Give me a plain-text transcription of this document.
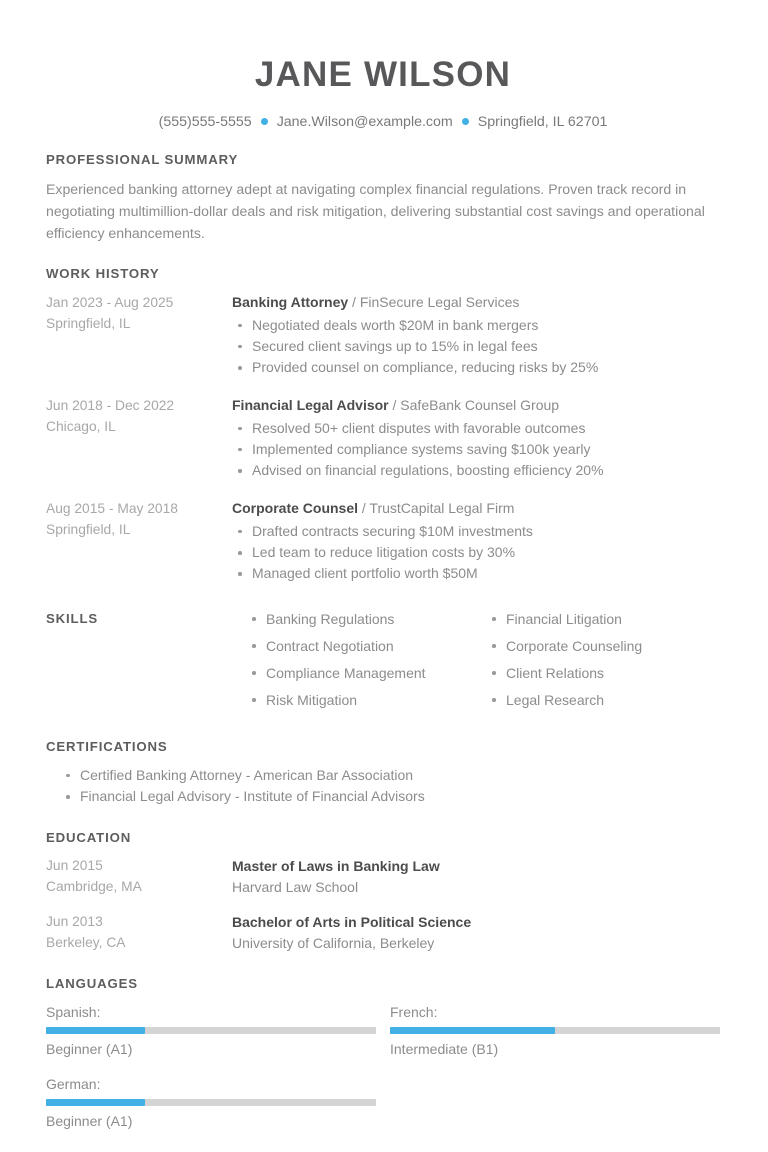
JANE WILSON
(555)555-5555 Jane.Wilson@example.com Springfield, IL 62701
PROFESSIONAL SUMMARY
Experienced banking attorney adept at navigating complex financial regulations. Proven track record in negotiating multimillion-dollar deals and risk mitigation, delivering substantial cost savings and operational efficiency enhancements.
WORK HISTORY
Jan 2023 - Aug 2025
Springfield, IL
Banking Attorney / FinSecure Legal Services
Negotiated deals worth $20M in bank mergers
Secured client savings up to 15% in legal fees
Provided counsel on compliance, reducing risks by 25%
Jun 2018 - Dec 2022
Chicago, IL
Financial Legal Advisor / SafeBank Counsel Group
Resolved 50+ client disputes with favorable outcomes
Implemented compliance systems saving $100k yearly
Advised on financial regulations, boosting efficiency 20%
Aug 2015 - May 2018
Springfield, IL
Corporate Counsel / TrustCapital Legal Firm
Drafted contracts securing $10M investments
Led team to reduce litigation costs by 30%
Managed client portfolio worth $50M
SKILLS	Banking Regulations
Contract Negotiation
Compliance Management
Risk Mitigation
Financial Litigation
Corporate Counseling
Client Relations
Legal Research
CERTIFICATIONS
Certified Banking Attorney - American Bar Association
Financial Legal Advisory - Institute of Financial Advisors
EDUCATION
Jun 2015
Cambridge, MA
Master of Laws in Banking Law
Harvard Law School
Jun 2013
Berkeley, CA
Bachelor of Arts in Political Science
University of California, Berkeley
LANGUAGES
Spanish:
Beginner (A1)
French:
Intermediate (B1)
German:
Beginner (A1)
